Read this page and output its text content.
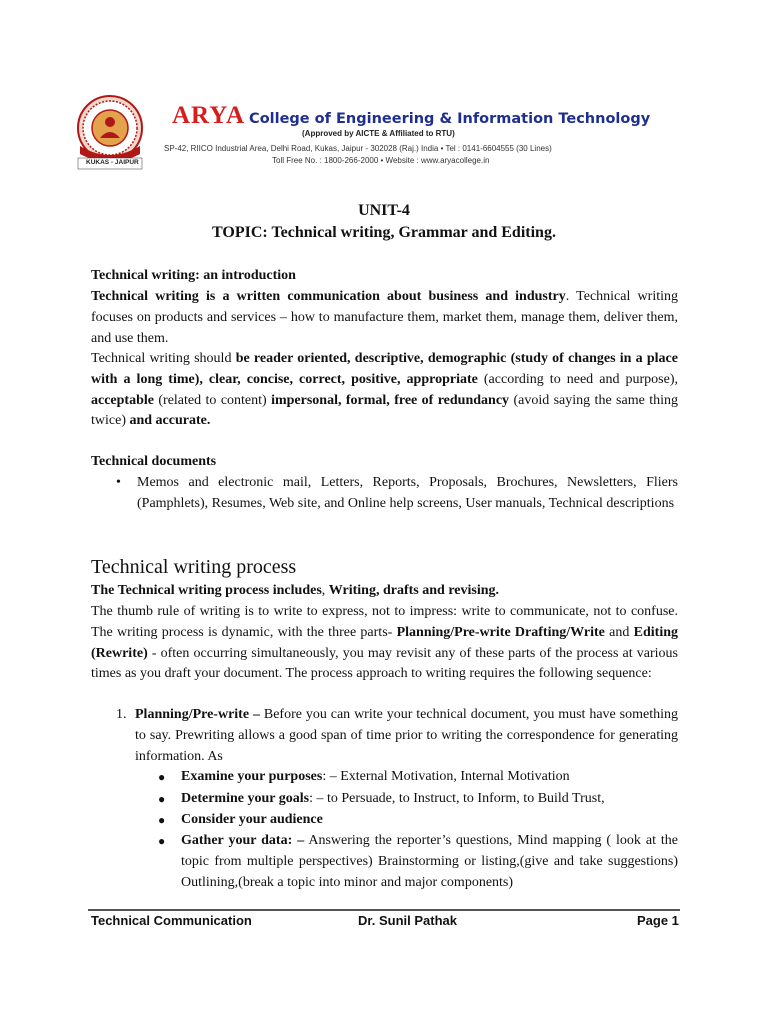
KUKAS - JAIPUR
ARYA College of Engineering & Information Technology
(Approved by AICTE & Affiliated to RTU)
SP-42, RIICO Industrial Area, Delhi Road, Kukas, Jaipur - 302028 (Raj.) India • Tel : 0141-6604555 (30 Lines)
Toll Free No. : 1800-266-2000 • Website : www.aryacollege.in
UNIT-4
TOPIC: Technical writing, Grammar and Editing.
Technical writing: an introduction
Technical writing is a written communication about business and industry. Technical writing focuses on products and services – how to manufacture them, market them, manage them, deliver them, and use them.
Technical writing should be reader oriented, descriptive, demographic (study of changes in a place with a long time), clear, concise, correct, positive, appropriate (according to need and purpose), acceptable (related to content) impersonal, formal, free of redundancy (avoid saying the same thing twice) and accurate.
Technical documents
• Memos and electronic mail, Letters, Reports, Proposals, Brochures, Newsletters, Fliers (Pamphlets), Resumes, Web site, and Online help screens, User manuals, Technical descriptions
Technical writing process
The Technical writing process includes, Writing, drafts and revising.
The thumb rule of writing is to write to express, not to impress: write to communicate, not to confuse. The writing process is dynamic, with the three parts- Planning/Pre-write Drafting/Write and Editing (Rewrite) - often occurring simultaneously, you may revisit any of these parts of the process at various times as you draft your document. The process approach to writing requires the following sequence:
1. Planning/Pre-write – Before you can write your technical document, you must have something to say. Prewriting allows a good span of time prior to writing the correspondence for generating information. As
● Examine your purposes: – External Motivation, Internal Motivation
● Determine your goals: – to Persuade, to Instruct, to Inform, to Build Trust,
● Consider your audience
● Gather your data: – Answering the reporter’s questions, Mind mapping ( look at the topic from multiple perspectives) Brainstorming or listing,(give and take suggestions) Outlining,(break a topic into minor and major components)
Technical Communication	Dr. Sunil Pathak	Page 1
